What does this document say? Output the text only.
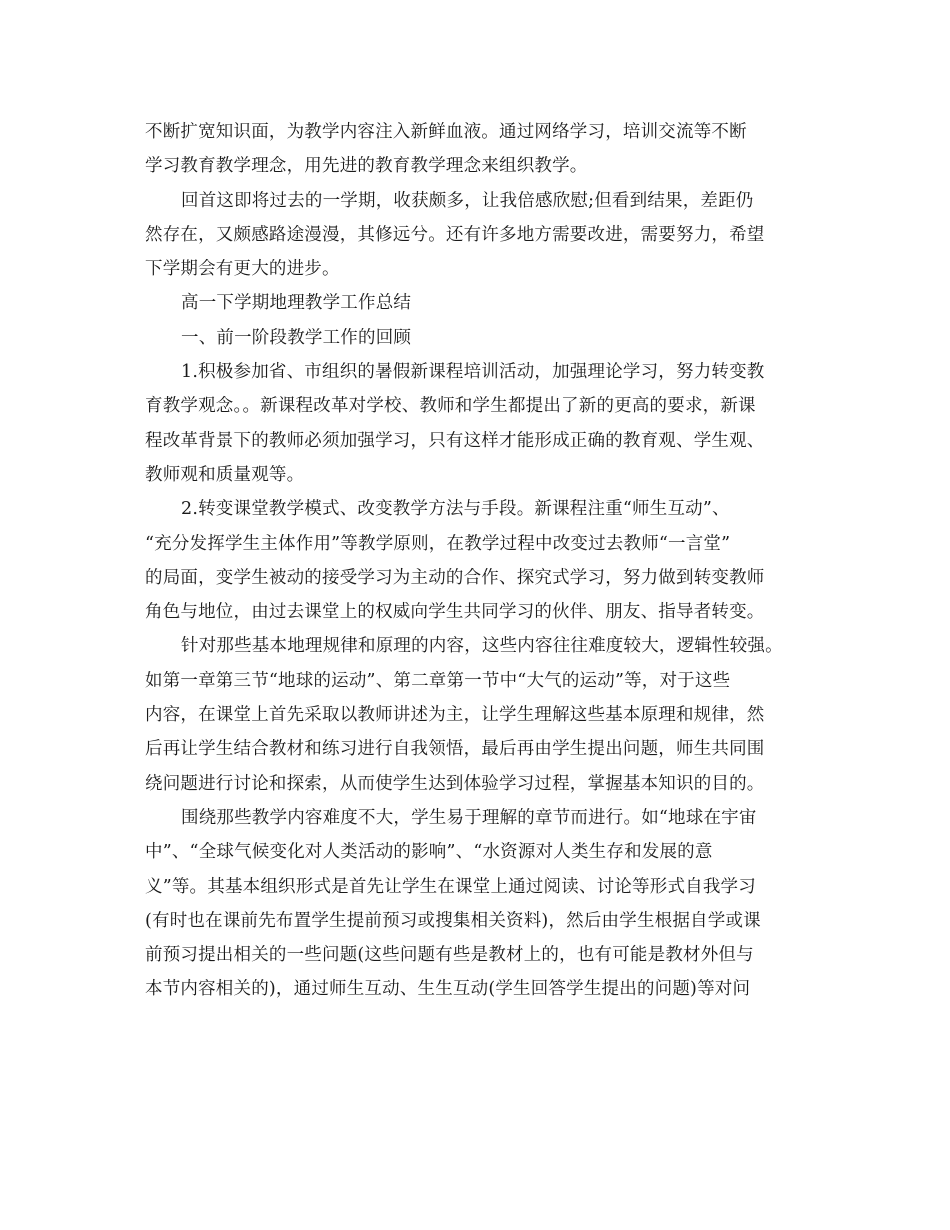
不断扩宽知识面，为教学内容注入新鲜血液。通过网络学习，培训交流等不断
学习教育教学理念，用先进的教育教学理念来组织教学。
回首这即将过去的一学期，收获颇多，让我倍感欣慰;但看到结果，差距仍
然存在，又颇感路途漫漫，其修远兮。还有许多地方需要改进，需要努力，希望
下学期会有更大的进步。
高一下学期地理教学工作总结
一、前一阶段教学工作的回顾
1.积极参加省、市组织的暑假新课程培训活动，加强理论学习，努力转变教
育教学观念。。新课程改革对学校、教师和学生都提出了新的更高的要求，新课
程改革背景下的教师必须加强学习，只有这样才能形成正确的教育观、学生观、
教师观和质量观等。
2.转变课堂教学模式、改变教学方法与手段。新课程注重“师生互动”、
“充分发挥学生主体作用”等教学原则，在教学过程中改变过去教师“一言堂”
的局面，变学生被动的接受学习为主动的合作、探究式学习，努力做到转变教师
角色与地位，由过去课堂上的权威向学生共同学习的伙伴、朋友、指导者转变。
针对那些基本地理规律和原理的内容，这些内容往往难度较大，逻辑性较强。
如第一章第三节“地球的运动”、第二章第一节中“大气的运动”等，对于这些
内容，在课堂上首先采取以教师讲述为主，让学生理解这些基本原理和规律，然
后再让学生结合教材和练习进行自我领悟，最后再由学生提出问题，师生共同围
绕问题进行讨论和探索，从而使学生达到体验学习过程，掌握基本知识的目的。
围绕那些教学内容难度不大，学生易于理解的章节而进行。如“地球在宇宙
中”、“全球气候变化对人类活动的影响”、“水资源对人类生存和发展的意
义”等。其基本组织形式是首先让学生在课堂上通过阅读、讨论等形式自我学习
(有时也在课前先布置学生提前预习或搜集相关资料)，然后由学生根据自学或课
前预习提出相关的一些问题(这些问题有些是教材上的，也有可能是教材外但与
本节内容相关的)，通过师生互动、生生互动(学生回答学生提出的问题)等对问
